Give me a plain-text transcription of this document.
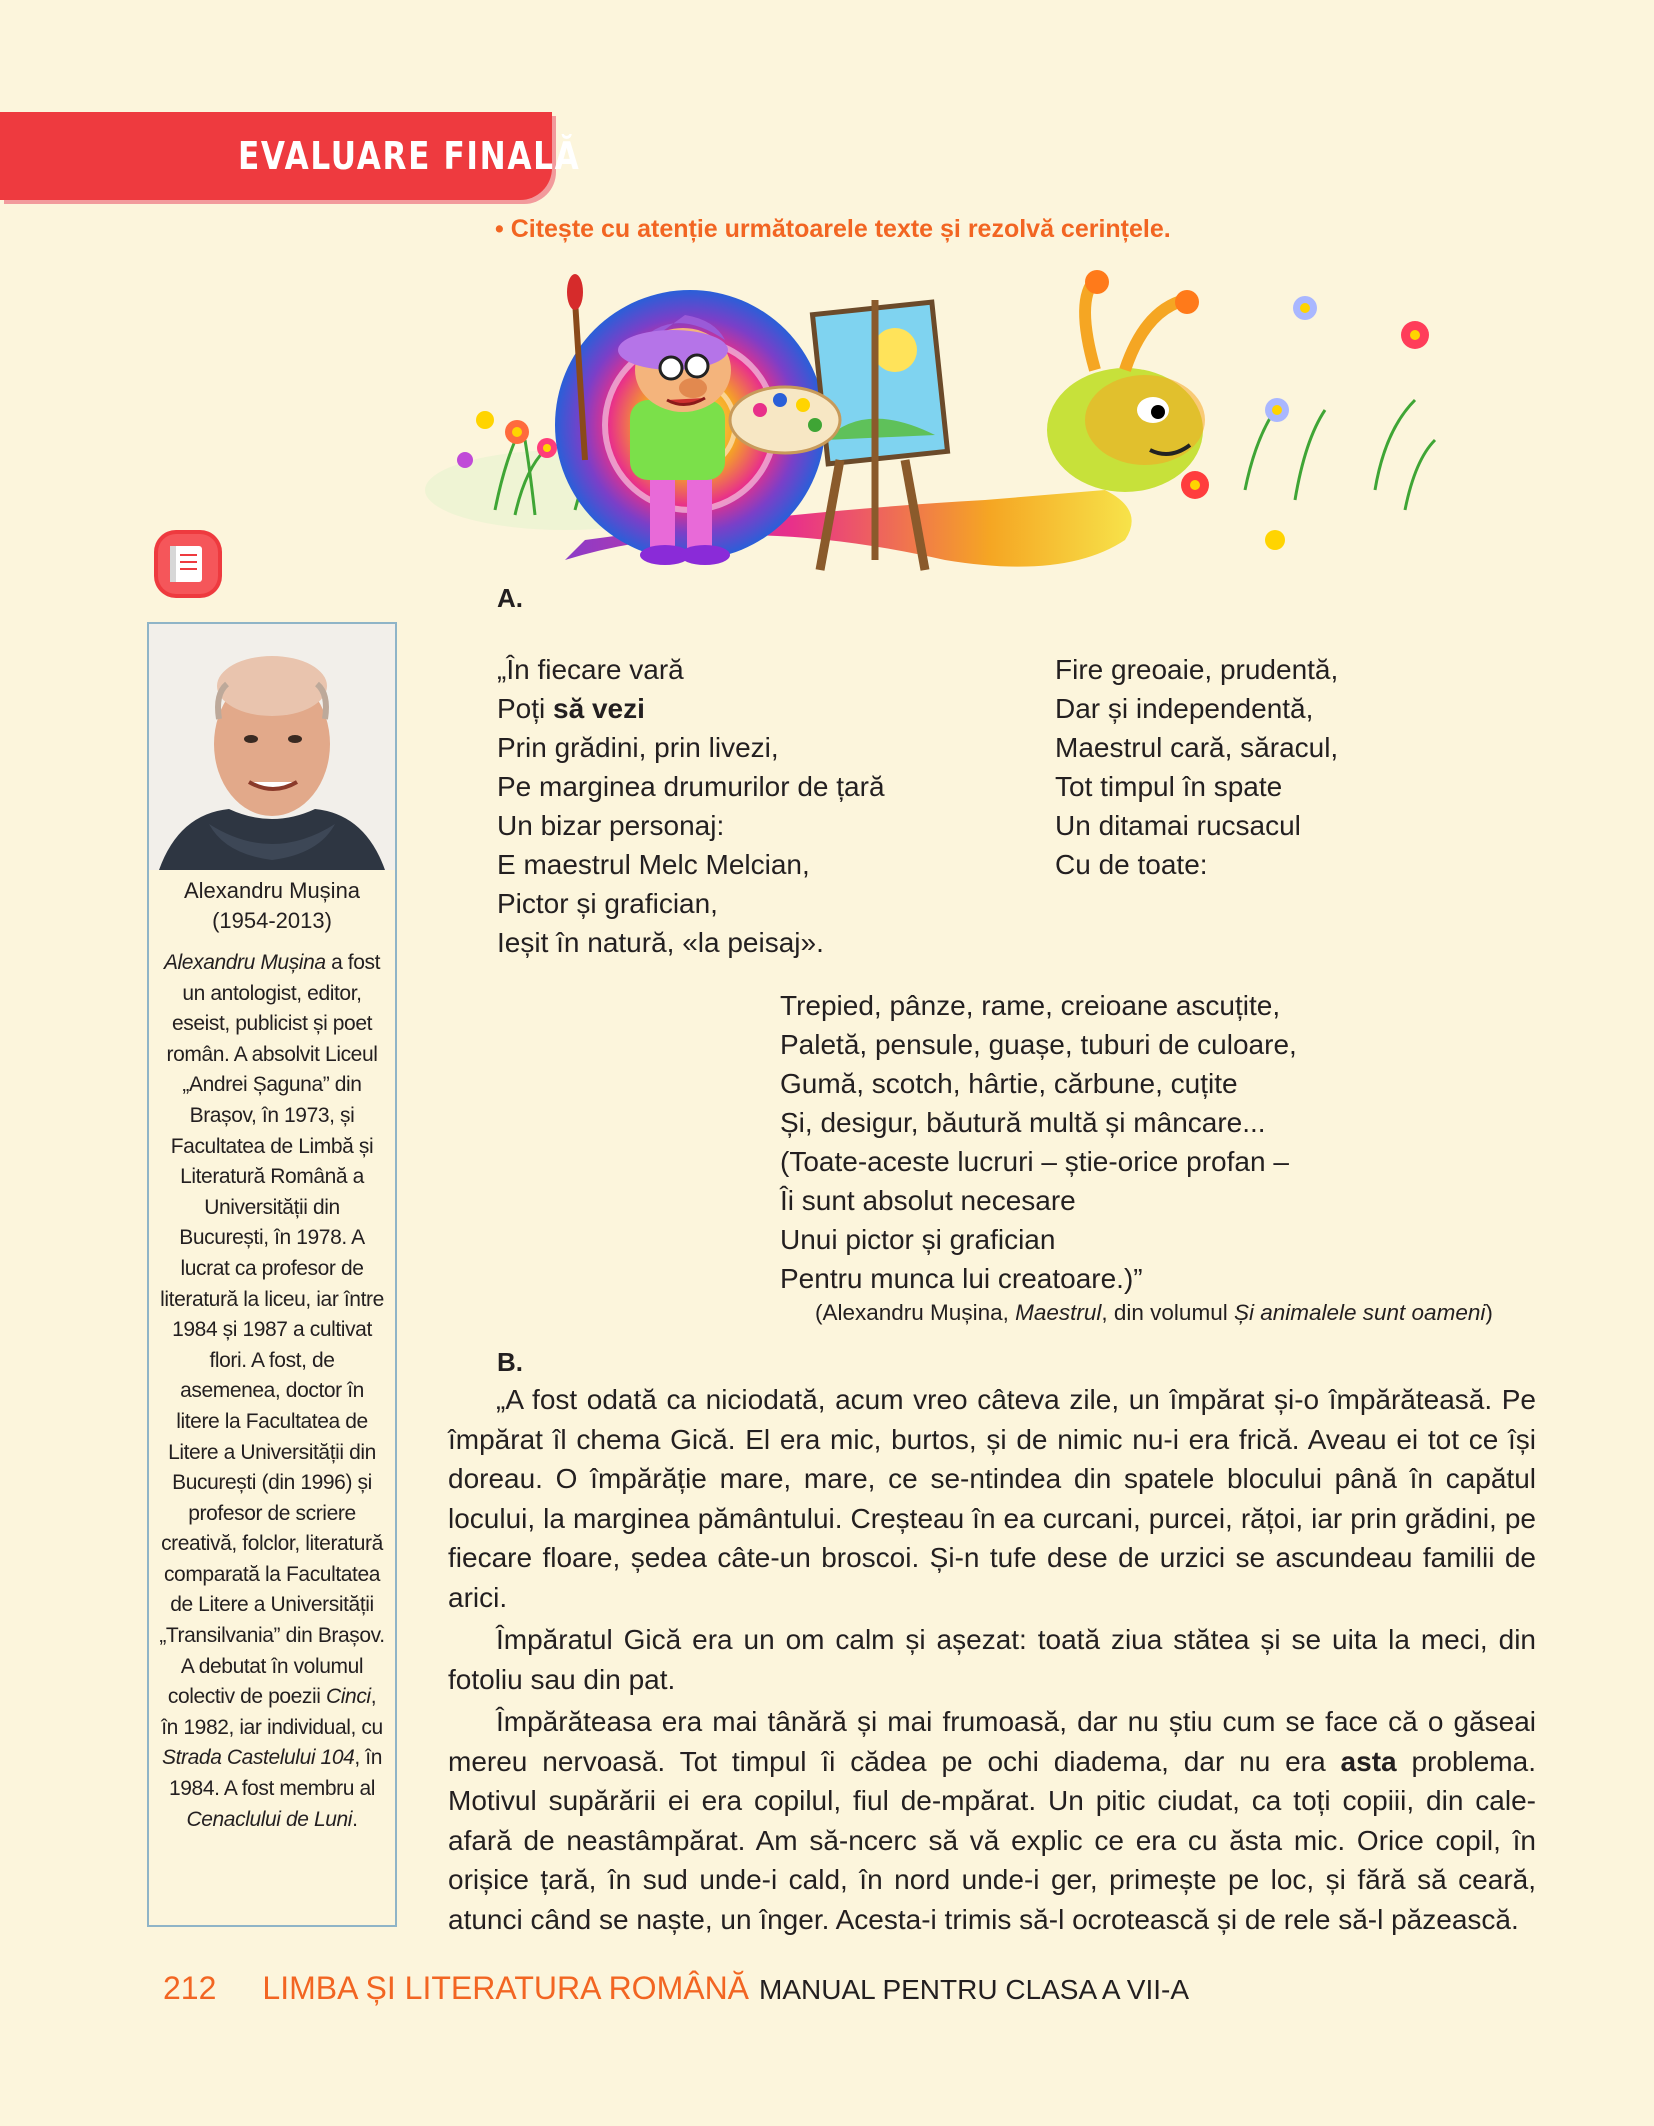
EVALUARE FINALĂ
• Citește cu atenție următoarele texte și rezolvă cerințele.
Alexandru Mușina
(1954-2013)
Alexandru Mușina a fost un antologist, editor, eseist, publicist și poet român. A absolvit Liceul „Andrei Șaguna” din Brașov, în 1973, și Facultatea de Limbă și Literatură Română a Universității din București, în 1978. A lucrat ca profesor de literatură la liceu, iar între 1984 și 1987 a cultivat flori. A fost, de asemenea, doctor în litere la Facultatea de Litere a Universității din București (din 1996) și profesor de scriere creativă, folclor, literatură comparată la Facultatea de Litere a Universității „Transilvania” din Brașov. A debutat în volumul colectiv de poezii Cinci, în 1982, iar individual, cu Strada Castelului 104, în 1984. A fost membru al Cenaclului de Luni.
A.
„În fiecare vară
Poți să vezi
Prin grădini, prin livezi,
Pe marginea drumurilor de țară
Un bizar personaj:
E maestrul Melc Melcian,
Pictor și grafician,
Ieșit în natură, «la peisaj».
Fire greoaie, prudentă,
Dar și independentă,
Maestrul cară, săracul,
Tot timpul în spate
Un ditamai rucsacul
Cu de toate:
Trepied, pânze, rame, creioane ascuțite,
Paletă, pensule, guașe, tuburi de culoare,
Gumă, scotch, hârtie, cărbune, cuțite
Și, desigur, băutură multă și mâncare...
(Toate-aceste lucruri – știe-orice profan –
Îi sunt absolut necesare
Unui pictor și grafician
Pentru munca lui creatoare.)”
(Alexandru Mușina, Maestrul, din volumul Și animalele sunt oameni)
B.

„A fost odată ca niciodată, acum vreo câteva zile, un împărat și-o împărăteasă. Pe împărat îl chema Gică. El era mic, burtos, și de nimic nu-i era frică. Aveau ei tot ce își doreau. O împărăție mare, mare, ce se-ntindea din spatele blocului până în capătul locului, la marginea pământului. Creșteau în ea curcani, purcei, rățoi, iar prin grădini, pe fiecare floare, ședea câte-un broscoi. Și-n tufe dese de urzici se ascundeau familii de arici.

Împăratul Gică era un om calm și așezat: toată ziua stătea și se uita la meci, din fotoliu sau din pat.

Împărăteasa era mai tânără și mai frumoasă, dar nu știu cum se face că o găseai mereu nervoasă. Tot timpul îi cădea pe ochi diadema, dar nu era asta problema. Motivul supărării ei era copilul, fiul de-mpărat. Un pitic ciudat, ca toți copiii, din cale-afară de neastâmpărat. Am să-ncerc să vă explic ce era cu ăsta mic. Orice copil, în orișice țară, în sud unde-i cald, în nord unde-i ger, primește pe loc, și fără să ceară, atunci când se naște, un înger. Acesta-i trimis să-l ocrotească și de rele să-l păzească.

212 LIMBA ȘI LITERATURA ROMÂNĂ MANUAL PENTRU CLASA A VII-A
